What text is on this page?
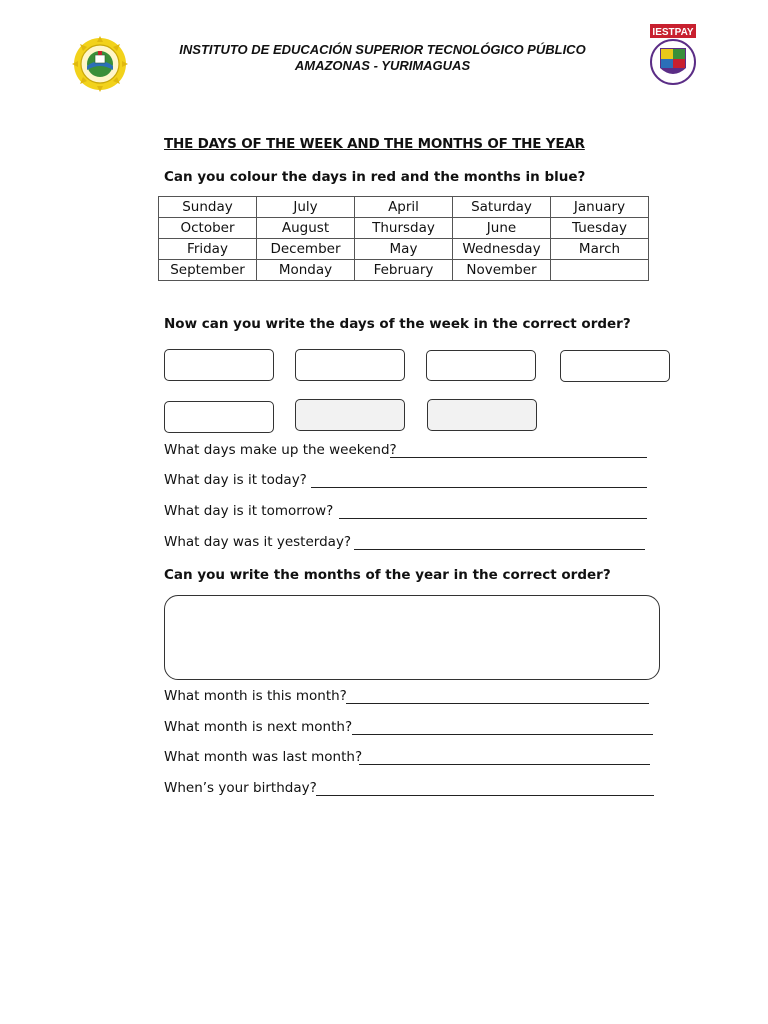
INSTITUTO DE EDUCACIÓN SUPERIOR TECNOLÓGICO PÚBLICO
AMAZONAS - YURIMAGUAS
IESTPAY
THE DAYS OF THE WEEK AND THE MONTHS OF THE YEAR
Can you colour the days in red and the months in blue?
Sunday	July	April	Saturday	January
October	August	Thursday	June	Tuesday
Friday	December	May	Wednesday	March
September	Monday	February	November	
Now can you write the days of the week in the correct order?
What days make up the weekend?
What day is it today?
What day is it tomorrow?
What day was it yesterday?
Can you write the months of the year in the correct order?
What month is this month?
What month is next month?
What month was last month?
When’s your birthday?
